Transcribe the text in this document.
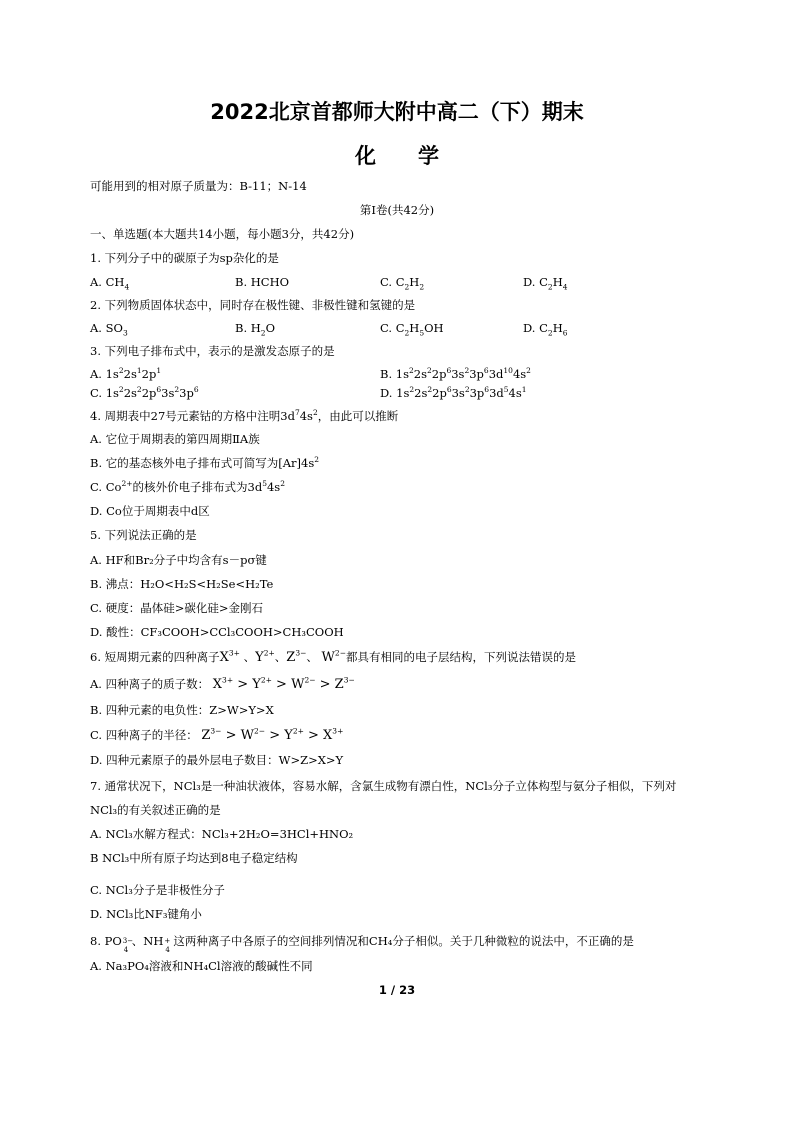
2022北京首都师大附中高二（下）期末
化　　学
可能用到的相对原子质量为：B-11；N-14
第Ⅰ卷(共42分)
一、单选题(本大题共14小题，每小题3分，共42分)
1. 下列分子中的碳原子为sp杂化的是
A. $CH_4$	B. HCHO	C. $C_2H_2$	D. $C_2H_4$
2. 下列物质固体状态中，同时存在极性键、非极性键和氢键的是
A. $SO_3$	B. $H_2O$	C. $C_2H_5OH$	D. $C_2H_6$
3. 下列电子排布式中，表示的是激发态原子的是
A. $1s^22s^12p^1$	B. $1s^22s^22p^63s^23p^63d^{10}4s^2$
C. $1s^22s^22p^63s^23p^6$	D. $1s^22s^22p^63s^23p^63d^54s^1$
4. 周期表中27号元素钴的方格中注明$3d^74s^2$，由此可以推断
A. 它位于周期表的第四周期ⅡA族
B. 它的基态核外电子排布式可简写为$[Ar]4s^2$
C. $Co^{2+}$的核外价电子排布式为$3d^54s^2$
D. Co位于周期表中d区
5. 下列说法正确的是
A. HF和Br₂分子中均含有s－pσ键
B. 沸点：H₂O<H₂S<H₂Se<H₂Te
C. 硬度：晶体硅>碳化硅>金刚石
D. 酸性：CF₃COOH>CCl₃COOH>CH₃COOH
6. 短周期元素的四种离子$X^{3+}$ 、$Y^{2+}$、$Z^{3-}$、 $W^{2-}$都具有相同的电子层结构，下列说法错误的是
A. 四种离子的质子数： $X^{3+} > Y^{2+} > W^{2-} > Z^{3-}$
B. 四种元素的电负性：Z>W>Y>X
C. 四种离子的半径： $Z^{3-} > W^{2-} > Y^{2+} > X^{3+}$
D. 四种元素原子的最外层电子数目：W>Z>X>Y
7. 通常状况下，NCl₃是一种油状液体，容易水解，含氯生成物有漂白性，NCl₃分子立体构型与氨分子相似，下列对
NCl₃的有关叙述正确的是
A. NCl₃水解方程式：NCl₃+2H₂O=3HCl+HNO₂
B NCl₃中所有原子均达到8电子稳定结构
C. NCl₃分子是非极性分子
D. NCl₃比NF₃键角小
8. PO 3−
4
、NH +
4
这两种离子中各原子的空间排列情况和CH₄分子相似。关于几种微粒的说法中，不正确的是
A. Na₃PO₄溶液和NH₄Cl溶液的酸碱性不同
1 / 23
